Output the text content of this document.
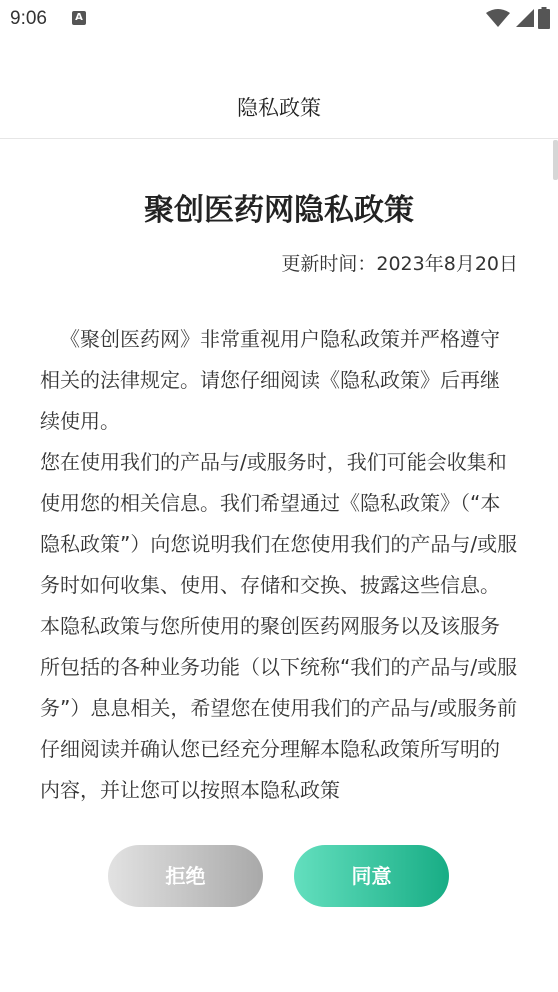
9:06	A
隐私政策
聚创医药网隐私政策
更新时间：2023年8月20日

《聚创医药网》非常重视用户隐私政策并严格遵守相关的法律规定。请您仔细阅读《隐私政策》后再继续使用。

您在使用我们的产品与/或服务时，我们可能会收集和使用您的相关信息。我们希望通过《隐私政策》（“本隐私政策”）向您说明我们在您使用我们的产品与/或服务时如何收集、使用、存储和交换、披露这些信息。

本隐私政策与您所使用的聚创医药网服务以及该服务所包括的各种业务功能（以下统称“我们的产品与/或服务”）息息相关，希望您在使用我们的产品与/或服务前仔细阅读并确认您已经充分理解本隐私政策所写明的内容，并让您可以按照本隐私政策

拒绝	同意
